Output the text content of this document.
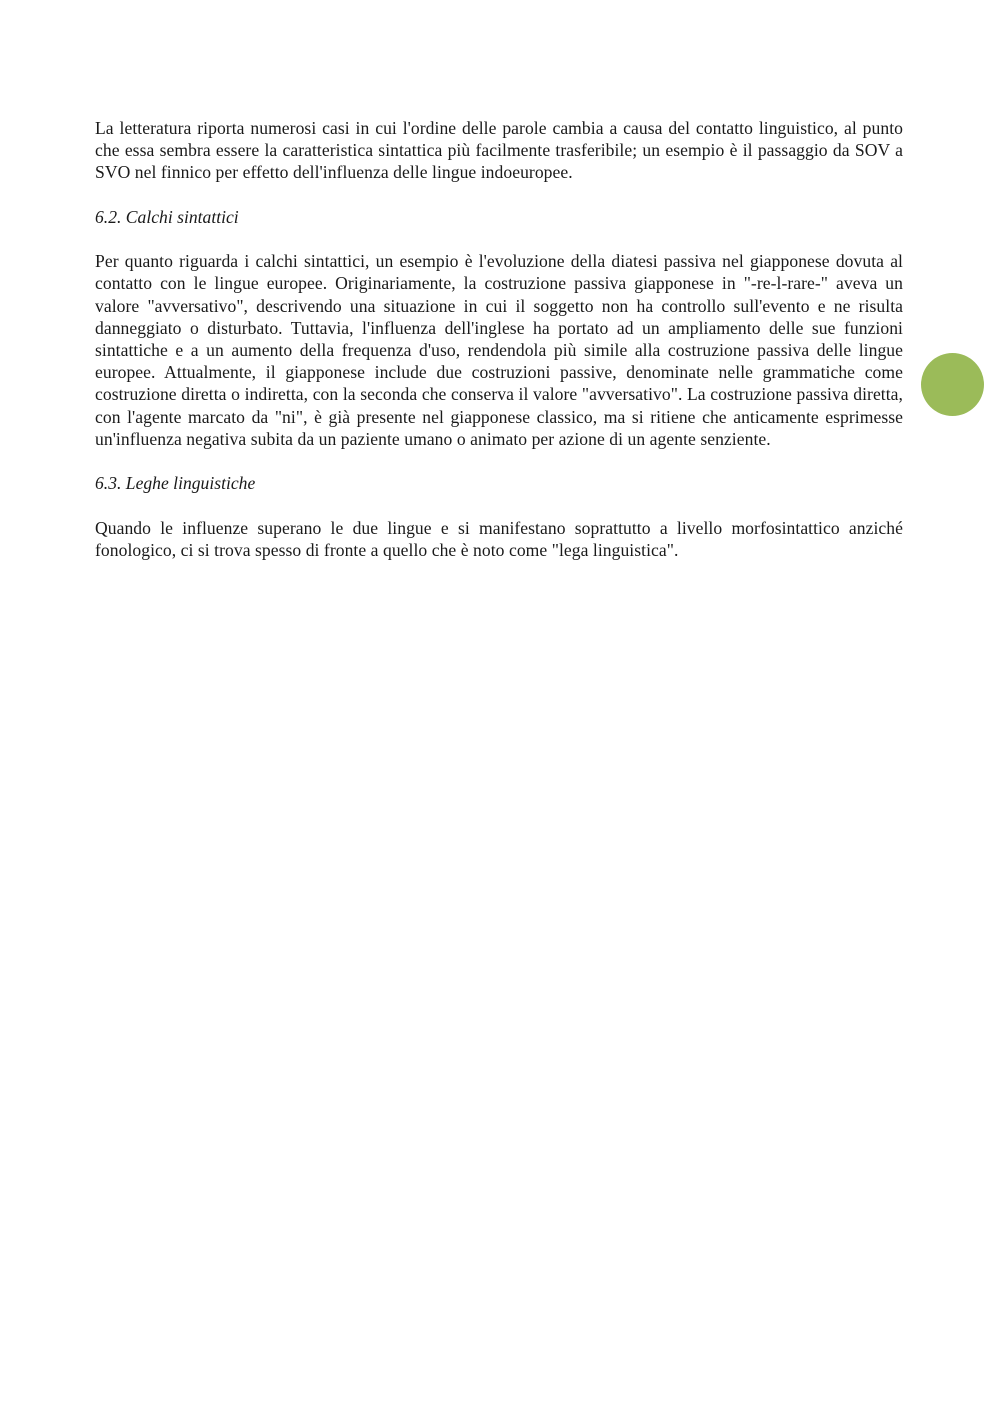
La letteratura riporta numerosi casi in cui l'ordine delle parole cambia a causa del contatto linguistico, al punto che essa sembra essere la caratteristica sintattica più facilmente trasferibile; un esempio è il passaggio da SOV a SVO nel finnico per effetto dell'influenza delle lingue indoeuropee.

6.2. Calchi sintattici

Per quanto riguarda i calchi sintattici, un esempio è l'evoluzione della diatesi passiva nel giapponese dovuta al contatto con le lingue europee. Originariamente, la costruzione passiva giapponese in "-re-l-rare-" aveva un valore "avversativo", descrivendo una situazione in cui il soggetto non ha controllo sull'evento e ne risulta danneggiato o disturbato. Tuttavia, l'influenza dell'inglese ha portato ad un ampliamento delle sue funzioni sintattiche e a un aumento della frequenza d'uso, rendendola più simile alla costruzione passiva delle lingue europee. Attualmente, il giapponese include due costruzioni passive, denominate nelle grammatiche come costruzione diretta o indiretta, con la seconda che conserva il valore "avversativo". La costruzione passiva diretta, con l'agente marcato da "ni", è già presente nel giapponese classico, ma si ritiene che anticamente esprimesse un'influenza negativa subita da un paziente umano o animato per azione di un agente senziente.

6.3. Leghe linguistiche

Quando le influenze superano le due lingue e si manifestano soprattutto a livello morfosintattico anziché fonologico, ci si trova spesso di fronte a quello che è noto come "lega linguistica".
